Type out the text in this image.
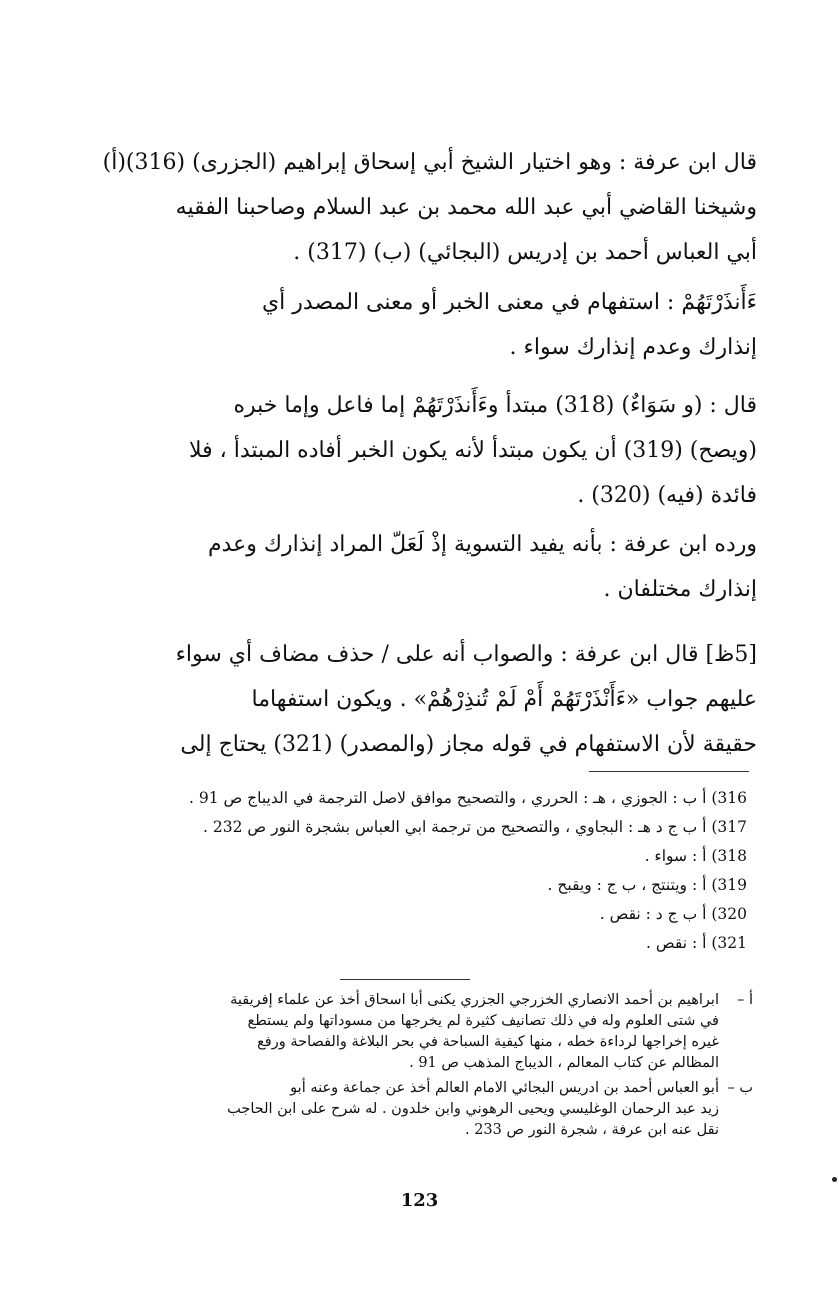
قال ابن عرفة : وهو اختيار الشيخ أبي إسحاق إبراهيم (الجزرى) (316)(أ)
وشيخنا القاضي أبي عبد الله محمد بن عبد السلام وصاحبنا الفقيه
أبي العباس أحمد بن إدريس (البجائي) (ب) (317) .

ءَأَنذَرْتَهُمْ : استفهام في معنى الخبر أو معنى المصدر أي
إنذارك وعدم إنذارك سواء .

قال : (و سَوَاءٌ) (318) مبتدأ وءَأَنذَرْتَهُمْ إما فاعل وإما خبره
(ويصح) (319) أن يكون مبتدأ لأنه يكون الخبر أفاده المبتدأ ، فلا
فائدة (فيه) (320) .

ورده ابن عرفة : بأنه يفيد التسوية إذْ لَعَلّ المراد إنذارك وعدم
إنذارك مختلفان .

[5ظ] قال ابن عرفة : والصواب أنه على / حذف مضاف أي سواء
عليهم جواب «ءَأَنْذَرْتَهُمْ أَمْ لَمْ تُنذِرْهُمْ» . ويكون استفهاما
حقيقة لأن الاستفهام في قوله مجاز (والمصدر) (321) يحتاج إلى

316) أ ب : الجوزي ، هـ : الحرري ، والتصحيح موافق لاصل الترجمة في الديباج ص 91 .
317) أ ب ج د هـ : البجاوي ، والتصحيح من ترجمة ابي العباس بشجرة النور ص 232 .
318) أ : سواء .
319) أ : ويتنتج ، ب ج : ويقبح .
320) أ ب ج د : نقص .
321) أ : نقص .
أ –
ابراهيم بن أحمد الانصاري الخزرجي الجزري يكنى أبا اسحاق أخذ عن علماء إفريقية
في شتى العلوم وله في ذلك تصانيف كثيرة لم يخرجها من مسوداتها ولم يستطع
غيره إخراجها لرداءة خطه ، منها كيفية السباحة في بحر البلاغة والفصاحة ورفع
المظالم عن كتاب المعالم ، الديباج المذهب ص 91 .
ب –
أبو العباس أحمد بن ادريس البجائي الامام العالم أخذ عن جماعة وعنه أبو
زيد عبد الرحمان الوغليسي ويحيى الرهوني وابن خلدون . له شرح على ابن الحاجب
نقل عنه ابن عرفة ، شجرة النور ص 233 .
123
